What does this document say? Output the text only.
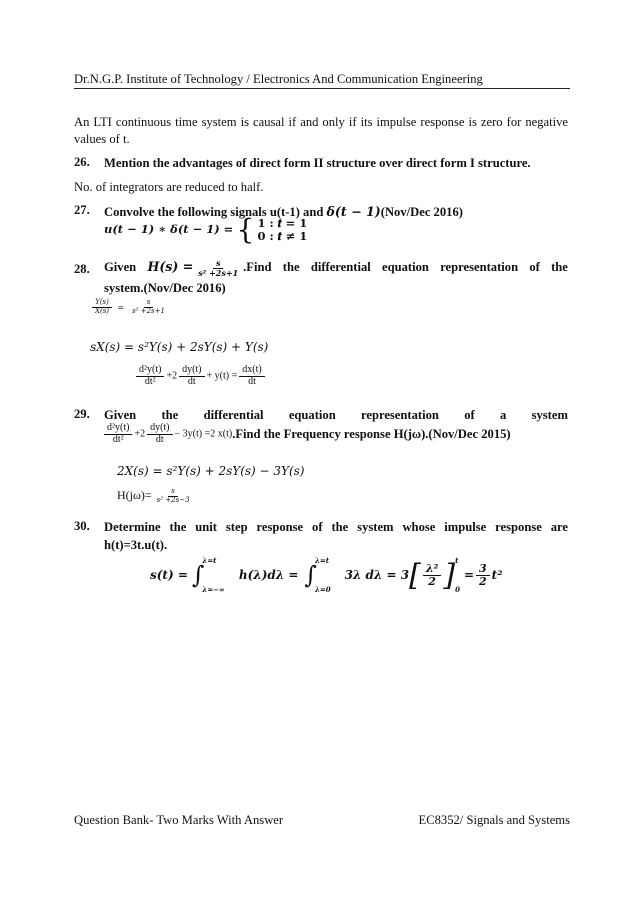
Dr.N.G.P. Institute of Technology / Electronics And Communication Engineering
An LTI continuous time system is causal if and only if its impulse response is zero for negative values of t.
26. Mention the advantages of direct form II structure over direct form I structure.
No. of integrators are reduced to half.
27. Convolve the following signals u(t-1) and δ(t − 1)(Nov/Dec 2016)
u(t − 1) ∗ δ(t − 1) = { 𝟏 : 𝒕 = 𝟏
𝟎 : 𝒕 ≠ 𝟏
28. Given $H(s) = \frac{s}{\text{s² +2s+1}}$ .Find the differential equation representation of the
system.(Nov/Dec 2016)
$\frac{Y(s)}{X(s)} = \frac{s}{\text{s² +2s+1}}$
sX(s) = s²Y(s) + 2sY(s) + Y(s)
$\frac{\text{d²y(t)}}{\text{dt²}} +2 \frac{dy(t)}{dt} + y(t) = \frac{dx(t)}{dt}$
29. Given the differential equation representation of a system
$\frac{\text{d²y(t)}}{\text{dt²}} +2 \frac{dy(t)}{dt} - 3y(t) =2$ x(t) .Find the Frequency response H(jω).(Nov/Dec 2015)
2X(s) = s²Y(s) + 2sY(s) − 3Y(s)
$H(j\omega)= \frac{s}{\text{s² +2s−3}}$
30. Determine the unit step response of the system whose impulse response are
h(t)=3t.u(t).
s(t) = ∫
λ=t
λ=−∞
h(λ)dλ = ∫
λ=t
λ=0
3λ dλ = 3 [ $\frac{\text{λ²}}{2}$ ] t
0
= $\frac{3}{2} t^2$
Question Bank- Two Marks With Answer	EC8352/ Signals and Systems
